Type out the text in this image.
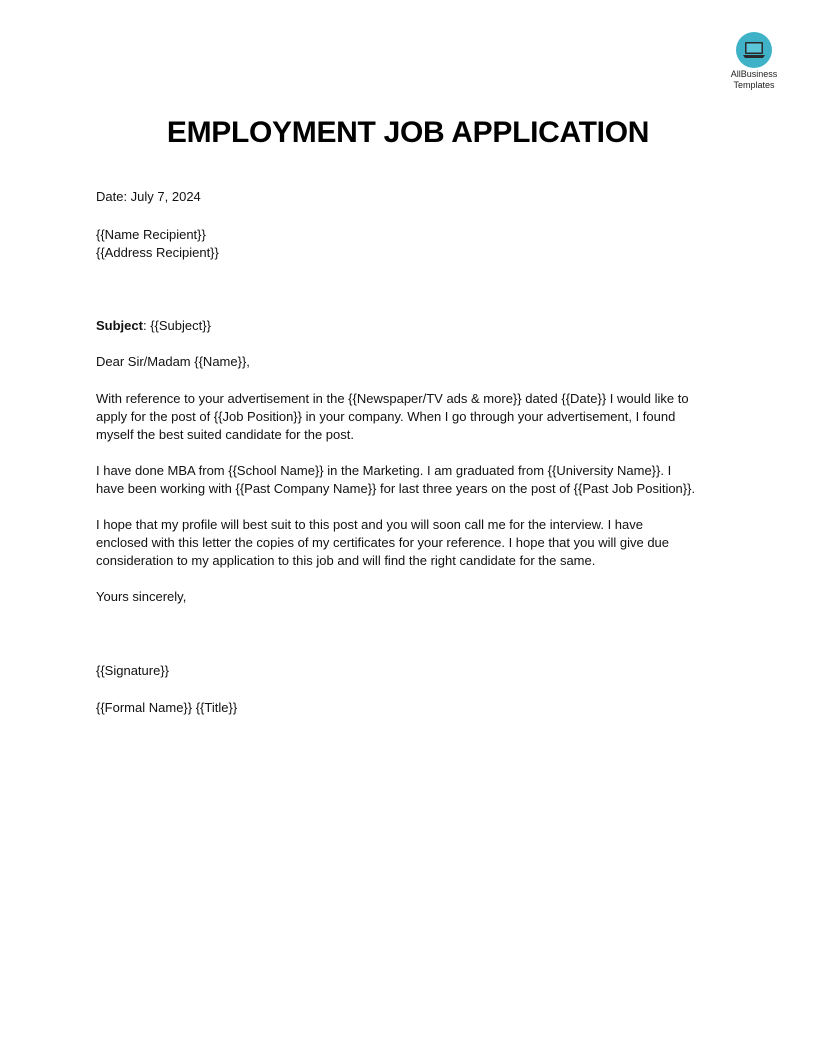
AllBusiness
Templates
EMPLOYMENT JOB APPLICATION

Date: July 7, 2024

{{Name Recipient}}

{{Address Recipient}}

Subject: {{Subject}}

Dear Sir/Madam {{Name}},

With reference to your advertisement in the {{Newspaper/TV ads & more}} dated {{Date}} I would like to

apply for the post of {{Job Position}} in your company. When I go through your advertisement, I found

myself the best suited candidate for the post.

I have done MBA from {{School Name}} in the Marketing. I am graduated from {{University Name}}. I

have been working with {{Past Company Name}} for last three years on the post of {{Past Job Position}}.

I hope that my profile will best suit to this post and you will soon call me for the interview. I have

enclosed with this letter the copies of my certificates for your reference. I hope that you will give due

consideration to my application to this job and will find the right candidate for the same.

Yours sincerely,

{{Signature}}

{{Formal Name}} {{Title}}
